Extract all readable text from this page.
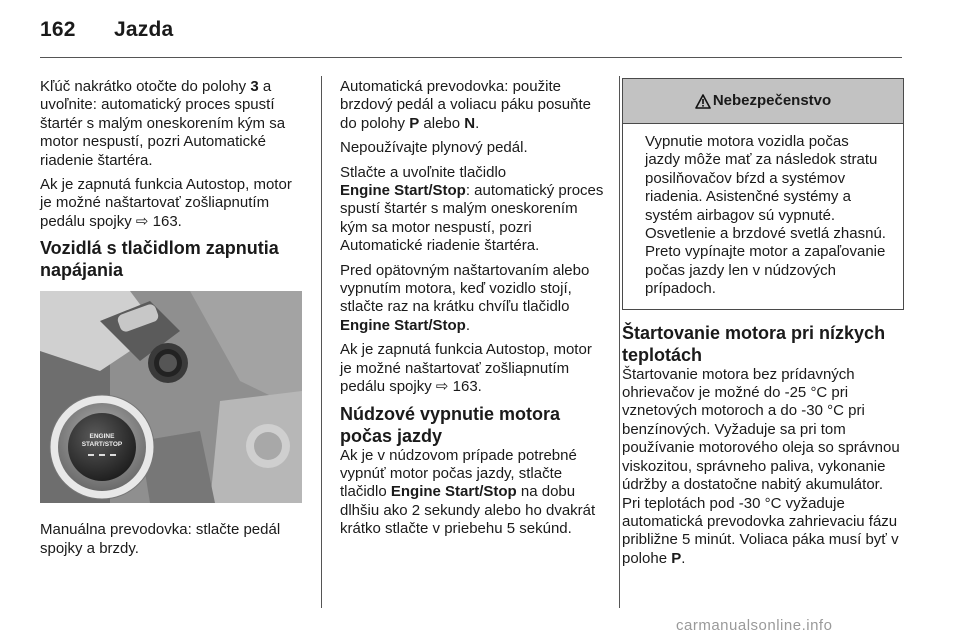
162 Jazda

Kľúč nakrátko otočte do polohy 3 a uvoľnite: automatický proces spustí štartér s malým oneskorením kým sa motor nespustí, pozri Automatické riadenie štartéra.

Ak je zapnutá funkcia Autostop, motor je možné naštartovať zošliapnutím pedálu spojky ⇨ 163.

Vozidlá s tlačidlom zapnutia napájania
ENGINE
START/STOP

Manuálna prevodovka: stlačte pedál spojky a brzdy.

Automatická prevodovka: použite brzdový pedál a voliacu páku posuňte do polohy P alebo N.

Nepoužívajte plynový pedál.

Stlačte a uvoľnite tlačidlo
Engine Start/Stop: automatický proces spustí štartér s malým oneskorením kým sa motor nespustí, pozri Automatické riadenie štartéra.

Pred opätovným naštartovaním alebo vypnutím motora, keď vozidlo stojí, stlačte raz na krátku chvíľu tlačidlo Engine Start/Stop.

Ak je zapnutá funkcia Autostop, motor je možné naštartovať zošliapnutím pedálu spojky ⇨ 163.

Núdzové vypnutie motora počas jazdy

Ak je v núdzovom prípade potrebné vypnúť motor počas jazdy, stlačte tlačidlo Engine Start/Stop na dobu dlhšiu ako 2 sekundy alebo ho dvakrát krátko stlačte v priebehu 5 sekúnd.

Nebezpečenstvo
Vypnutie motora vozidla počas jazdy môže mať za následok stratu posilňovačov bŕzd a systémov riadenia. Asistenčné systémy a systém airbagov sú vypnuté. Osvetlenie a brzdové svetlá zhasnú. Preto vypínajte motor a zapaľovanie počas jazdy len v núdzových prípadoch.
Štartovanie motora pri nízkych teplotách

Štartovanie motora bez prídavných ohrievačov je možné do -25 °C pri vznetových motoroch a do -30 °C pri benzínových. Vyžaduje sa pri tom používanie motorového oleja so správnou viskozitou, správneho paliva, vykonanie údržby a dostatočne nabitý akumulátor. Pri teplotách pod -30 °C vyžaduje automatická prevodovka zahrievaciu fázu približne 5 minút. Voliaca páka musí byť v polohe P.

carmanualsonline.info
